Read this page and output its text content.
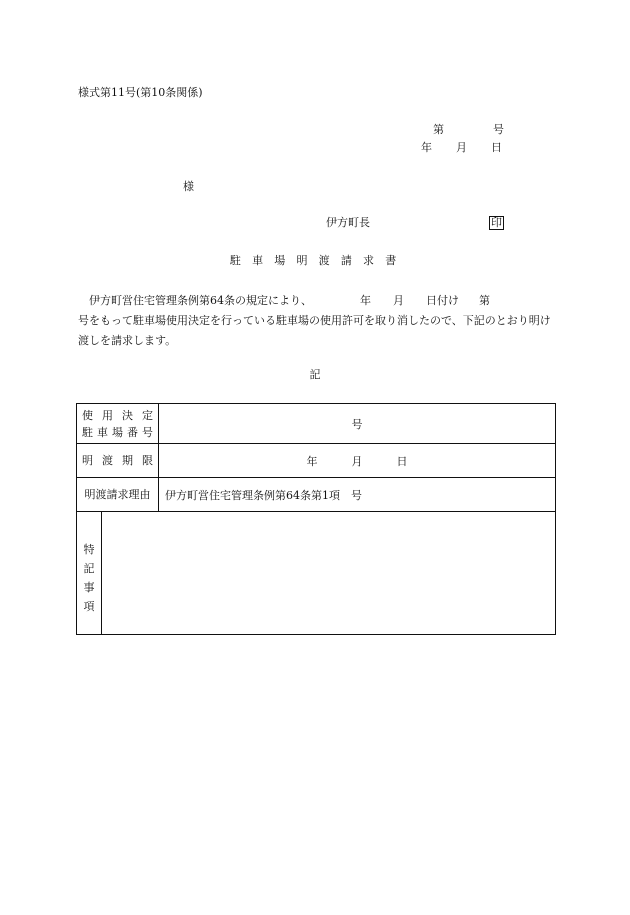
様式第11号(第10条関係)
第	号
年 月 日
様
伊方町長	印
駐 車 場 明 渡 請 求 書
伊方町営住宅管理条例第64条の規定により、	年 月 日付け 第
号をもって駐車場使用決定を行っている駐車場の使用許可を取り消したので、下記のとおり明け渡しを請求します。
記
使用決定
駐車場番号		号

明渡期限		年 月 日
明渡請求理由		伊方町営住宅管理条例第64条第1項　号

特
記
事
項		
